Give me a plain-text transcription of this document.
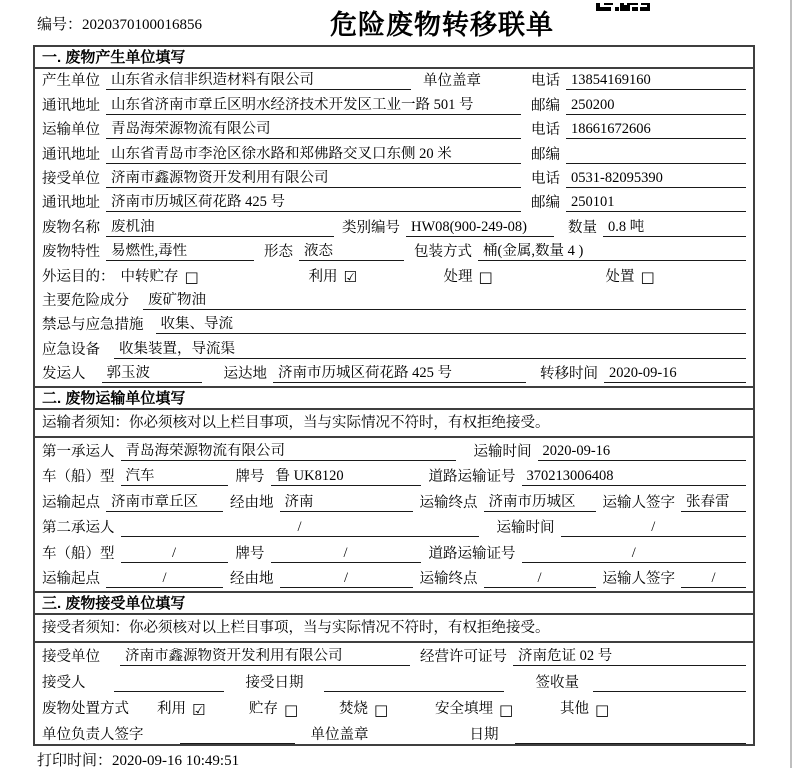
编号：2020370100016856	危险废物转移联单
一. 废物产生单位填写
产生单位 山东省永信非织造材料有限公司	单位盖章	电话 13854169160
通讯地址 山东省济南市章丘区明水经济技术开发区工业一路 501 号	邮编 250200
运输单位 青岛海荣源物流有限公司	电话 18661672606
通讯地址 山东省青岛市李沧区徐水路和郑佛路交叉口东侧 20 米	邮编
接受单位 济南市鑫源物资开发利用有限公司	电话 0531-82095390
通讯地址 济南市历城区荷花路 425 号	邮编 250101
废物名称 废机油	类别编号 HW08(900-249-08)	数量 0.8 吨
废物特性 易燃性,毒性	形态 液态	包装方式 桶(金属,数量 4 )
外运目的： 中转贮存 □	利用 ☑	处理 □	处置 □
主要危险成分	废矿物油
禁忌与应急措施	收集、导流
应急设备	收集装置，导流渠
发运人	郭玉波	运达地 济南市历城区荷花路 425 号	转移时间 2020-09-16
二. 废物运输单位填写
运输者须知：你必须核对以上栏目事项，当与实际情况不符时，有权拒绝接受。
第一承运人 青岛海荣源物流有限公司	运输时间 2020-09-16
车（船）型 汽车	牌号 鲁 UK8120	道路运输证号 370213006408
运输起点 济南市章丘区	经由地 济南	运输终点 济南市历城区	运输人签字 张春雷
第二承运人	/	运输时间	/
车（船）型	/	牌号	/	道路运输证号	/
运输起点	/	经由地	/	运输终点	/	运输人签字	/
三. 废物接受单位填写
接受者须知：你必须核对以上栏目事项，当与实际情况不符时，有权拒绝接受。
接受单位	济南市鑫源物资开发利用有限公司	经营许可证号 济南危证 02 号
接受人	接受日期	签收量
废物处置方式 利用 ☑	贮存 □	焚烧 □	安全填埋 □	其他 □
单位负责人签字	单位盖章	日期
打印时间：2020-09-16 10:49:51
